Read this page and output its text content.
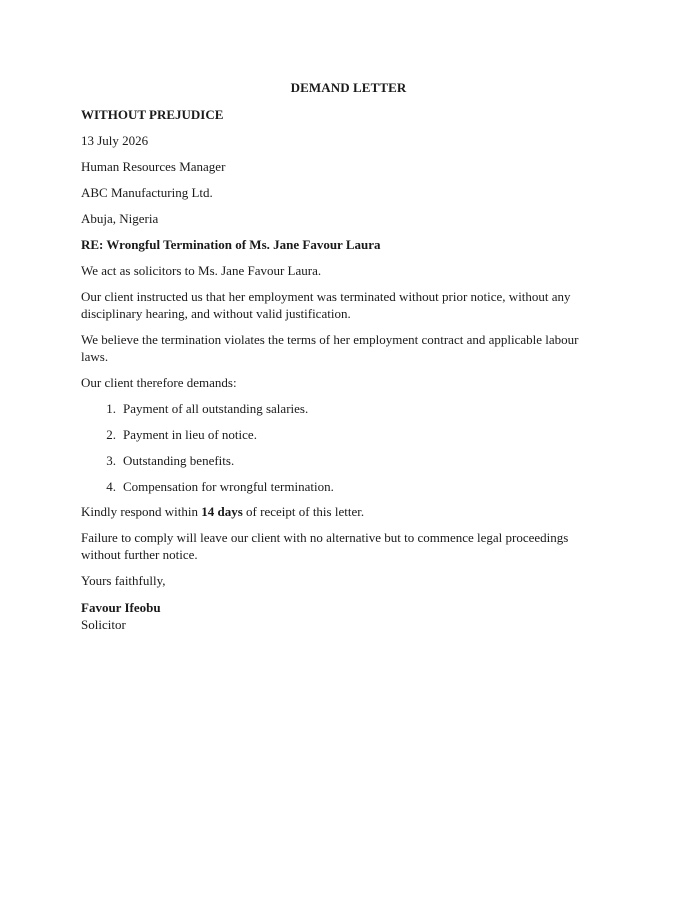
DEMAND LETTER

WITHOUT PREJUDICE

13 July 2026

Human Resources Manager

ABC Manufacturing Ltd.

Abuja, Nigeria

RE: Wrongful Termination of Ms. Jane Favour Laura

We act as solicitors to Ms. Jane Favour Laura.

Our client instructed us that her employment was terminated without prior notice, without any
disciplinary hearing, and without valid justification.
We believe the termination violates the terms of her employment contract and applicable labour
laws.

Our client therefore demands:

1. Payment of all outstanding salaries.
2. Payment in lieu of notice.
3. Outstanding benefits.
4. Compensation for wrongful termination.

Kindly respond within 14 days of receipt of this letter.

Failure to comply will leave our client with no alternative but to commence legal proceedings
without further notice.

Yours faithfully,

Favour Ifeobu
Solicitor
